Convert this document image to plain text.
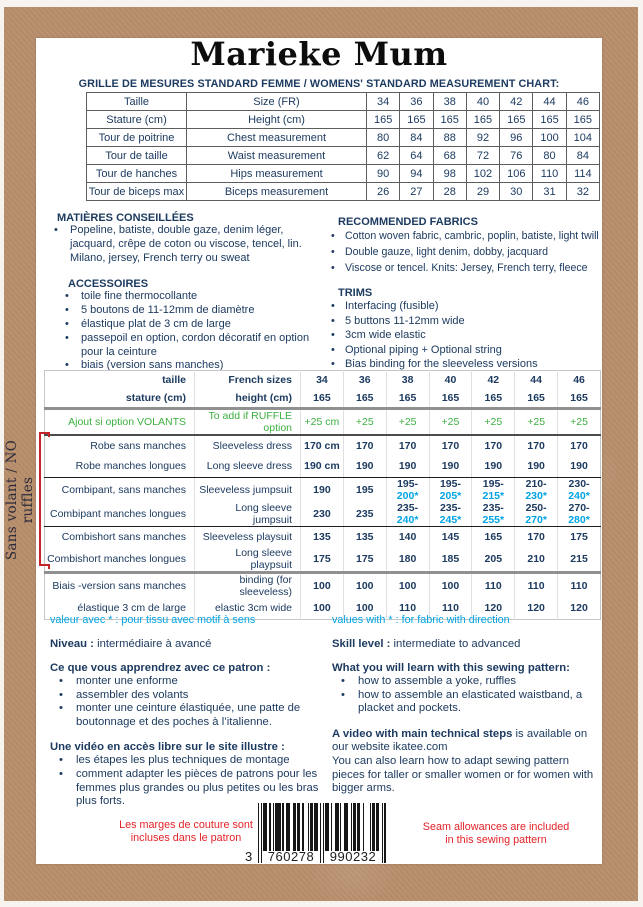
Sans volant / NO ruffles
Marieke Mum
GRILLE DE MESURES STANDARD FEMME / WOMENS' STANDARD MEASUREMENT CHART:
Taille	Size (FR)	34	36	38	40	42	44	46
Stature (cm)	Height (cm)	165	165	165	165	165	165	165
Tour de poitrine	Chest measurement	80	84	88	92	96	100	104
Tour de taille	Waist measurement	62	64	68	72	76	80	84
Tour de hanches	Hips measurement	90	94	98	102	106	110	114
Tour de biceps max	Biceps measurement	26	27	28	29	30	31	32
MATIÈRES CONSEILLÉES
• Popeline, batiste, double gaze, denim léger, jacquard, crêpe de coton ou viscose, tencel, lin. Milano, jersey, French terry ou sweat
ACCESSOIRES
• toile fine thermocollante
• 5 boutons de 11-12mm de diamètre
• élastique plat de 3 cm de large
• passepoil en option, cordon décoratif en option pour la ceinture
• biais (version sans manches)
RECOMMENDED FABRICS
• Cotton woven fabric, cambric, poplin, batiste, light twill
• Double gauze, light denim, dobby, jacquard
• Viscose or tencel. Knits: Jersey, French terry, fleece
TRIMS
• Interfacing (fusible)
• 5 buttons 11-12mm wide
• 3cm wide elastic
• Optional piping + Optional string
• Bias binding for the sleeveless versions
taille	French sizes	34	36	38	40	42	44	46
stature (cm)	height (cm)	165	165	165	165	165	165	165
Ajout si option VOLANTS	To add if RUFFLE option	+25 cm	+25	+25	+25	+25	+25	+25
Robe sans manches	Sleeveless dress	170 cm	170	170	170	170	170	170
Robe manches longues	Long sleeve dress	190 cm	190	190	190	190	190	190
Combipant, sans manches	Sleeveless jumpsuit	190	195	195-200*	195-205*	195-215*	210-230*	230-240*
Combipant manches longues	Long sleeve jumpsuit	230	235	235-240*	235-245*	235-255*	250-270*	270-280*
Combishort sans manches	Sleeveless playsuit	135	135	140	145	165	170	175
Combishort manches longues	Long sleeve playpsuit	175	175	180	185	205	210	215
Biais -version sans manches	binding (for sleeveless)	100	100	100	100	110	110	110
élastique 3 cm de large	elastic 3cm wide	100	100	110	110	120	120	120
valeur avec * : pour tissu avec motif à sens
Niveau : intermédiaire à avancé
Ce que vous apprendrez avec ce patron :
• monter une enforme
• assembler des volants
• monter une ceinture élastiquée, une patte de boutonnage et des poches à l’italienne.
Une vidéo en accès libre sur le site illustre :
• les étapes les plus techniques de montage
• comment adapter les pièces de patrons pour les femmes plus grandes ou plus petites ou les bras plus forts.
values with * : for fabric with direction
Skill level : intermediate to advanced
What you will learn with this sewing pattern:
• how to assemble a yoke, ruffles
• how to assemble an elasticated waistband, a placket and pockets.
A video with main technical steps is available on our website ikatee.com
You can also learn how to adapt sewing pattern pieces for taller or smaller women or for women with bigger arms.
Les marges de couture sont
incluses dans le patron
Seam allowances are included
in this sewing pattern
3	760278	990232
